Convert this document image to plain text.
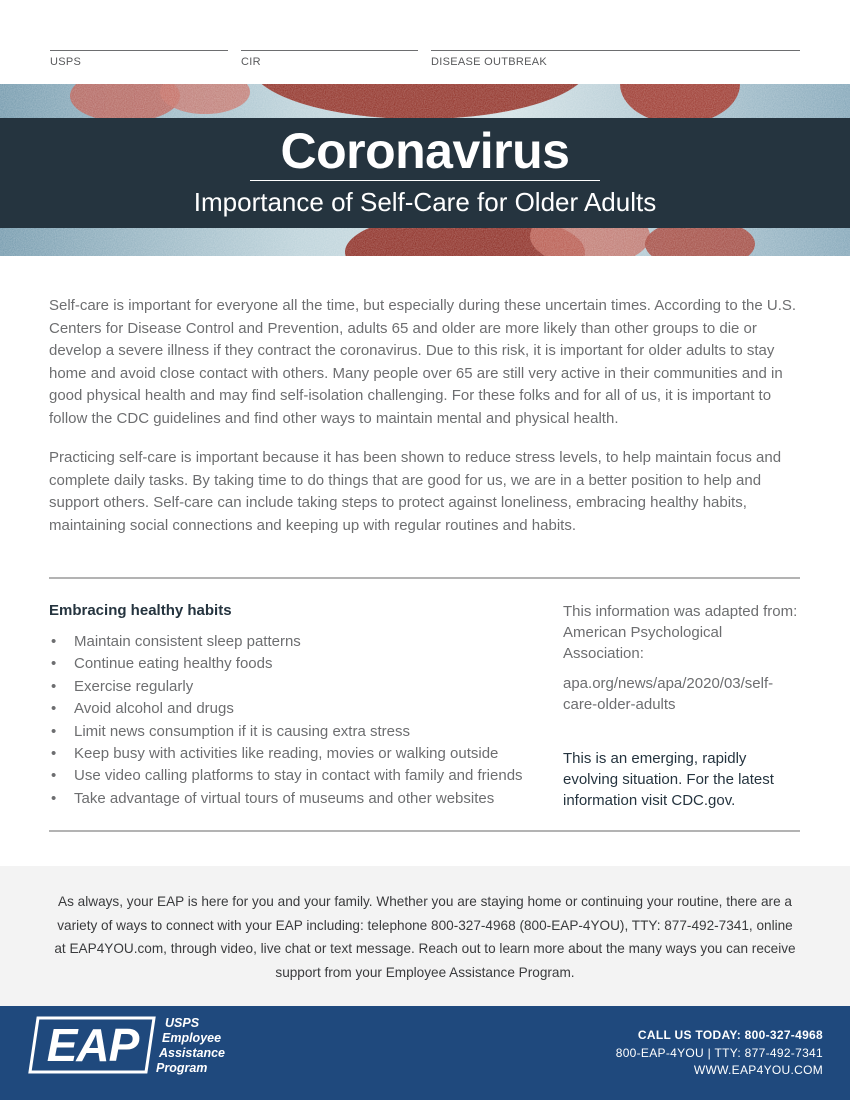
USPS	CIR	DISEASE OUTBREAK
Coronavirus
Importance of Self-Care for Older Adults

Self-care is important for everyone all the time, but especially during these uncertain times. According to the U.S. Centers for Disease Control and Prevention, adults 65 and older are more likely than other groups to die or develop a severe illness if they contract the coronavirus. Due to this risk, it is important for older adults to stay home and avoid close contact with others. Many people over 65 are still very active in their communities and in good physical health and may find self-isolation challenging. For these folks and for all of us, it is important to follow the CDC guidelines and find other ways to maintain mental and physical health.

Practicing self-care is important because it has been shown to reduce stress levels, to help maintain focus and complete daily tasks. By taking time to do things that are good for us, we are in a better position to help and support others. Self-care can include taking steps to protect against loneliness, embracing healthy habits, maintaining social connections and keeping up with regular routines and habits.

Embracing healthy habits
• Maintain consistent sleep patterns
• Continue eating healthy foods
• Exercise regularly
• Avoid alcohol and drugs
• Limit news consumption if it is causing extra stress
• Keep busy with activities like reading, movies or walking outside
• Use video calling platforms to stay in contact with family and friends
• Take advantage of virtual tours of museums and other websites
This information was adapted from: American Psychological Association:
apa.org/news/apa/2020/03/self-care-older-adults
This is an emerging, rapidly evolving situation. For the latest information visit CDC.gov.

As always, your EAP is here for you and your family. Whether you are staying home or continuing your routine, there are a variety of ways to connect with your EAP including: telephone 800-327-4968 (800-EAP-4YOU), TTY: 877-492-7341, online at EAP4YOU.com, through video, live chat or text message. Reach out to learn more about the many ways you can receive support from your Employee Assistance Program.

EAP	USPS
Employee
Assistance
Program
CALL US TODAY: 800-327-4968
800-EAP-4YOU | TTY: 877-492-7341
WWW.EAP4YOU.COM
